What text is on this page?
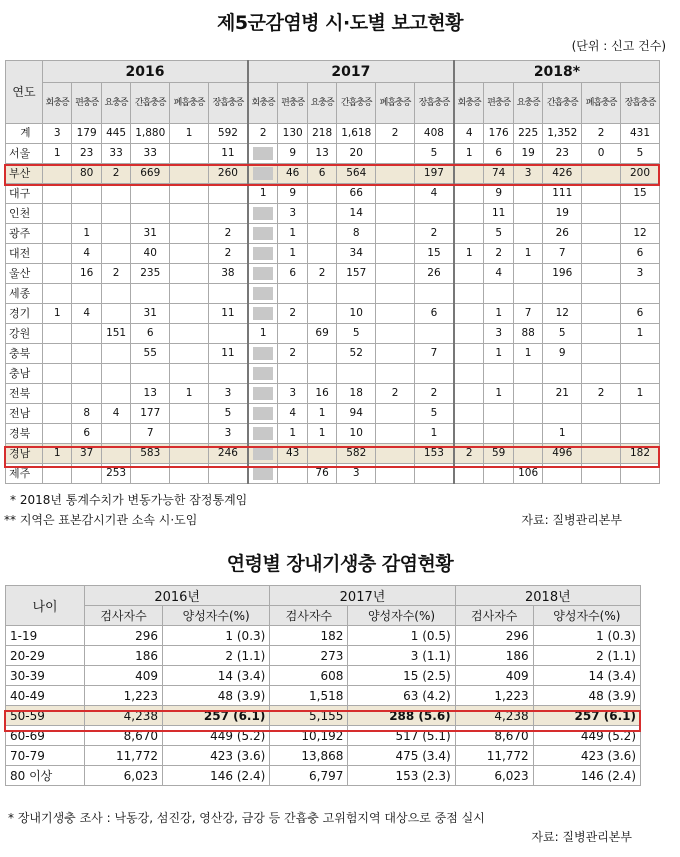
제5군감염병 시·도별 보고현황
(단위 : 신고 건수)
연도	2016						2017						2018*					
	회충증	편충증	요충증	간흡충증	폐흡충증	장흡충증	회충증	편충증	요충증	간흡충증	폐흡충증	장흡충증	회충증	편충증	요충증	간흡충증	폐흡충증	장흡충증
계	3	179	445	1,880	1	592	2	130	218	1,618	2	408	4	176	225	1,352	2	431
서울	1	23	33	33		11		9	13	20		5	1	6	19	23	0	5
부산		80	2	669		260		46	6	564		197		74	3	426		200
대구							1	9		66		4		9		111		15
인천								3		14				11		19		
광주		1		31		2		1		8		2		5		26		12
대전		4		40		2		1		34		15	1	2	1	7		6
울산		16	2	235		38		6	2	157		26		4		196		3
세종																		
경기	1	4		31		11		2		10		6		1	7	12		6
강원			151	6			1		69	5				3	88	5		1
충북				55		11		2		52		7		1	1	9		
충남																		
전북				13	1	3		3	16	18	2	2		1		21	2	1
전남		8	4	177		5		4	1	94		5						
경북		6		7		3		1	1	10		1				1		
경남	1	37		583		246		43		582		153	2	59		496		182
제주			253						76	3					106			
* 2018년 통계수치가 변동가능한 잠정통계임
** 지역은 표본감시기관 소속 시·도임	자료: 질병관리본부
연령별 장내기생충 감염현황
나이	2016년		2017년		2018년	
	검사자수	양성자수(%)	검사자수	양성자수(%)	검사자수	양성자수(%)
1-19	296	1 (0.3)	182	1 (0.5)	296	1 (0.3)
20-29	186	2 (1.1)	273	3 (1.1)	186	2 (1.1)
30-39	409	14 (3.4)	608	15 (2.5)	409	14 (3.4)
40-49	1,223	48 (3.9)	1,518	63 (4.2)	1,223	48 (3.9)
50-59	4,238	257 (6.1)	5,155	288 (5.6)	4,238	257 (6.1)
60-69	8,670	449 (5.2)	10,192	517 (5.1)	8,670	449 (5.2)
70-79	11,772	423 (3.6)	13,868	475 (3.4)	11,772	423 (3.6)
80 이상	6,023	146 (2.4)	6,797	153 (2.3)	6,023	146 (2.4)
* 장내기생충 조사 : 낙동강, 섬진강, 영산강, 금강 등 간흡충 고위험지역 대상으로 중점 실시
자료: 질병관리본부
